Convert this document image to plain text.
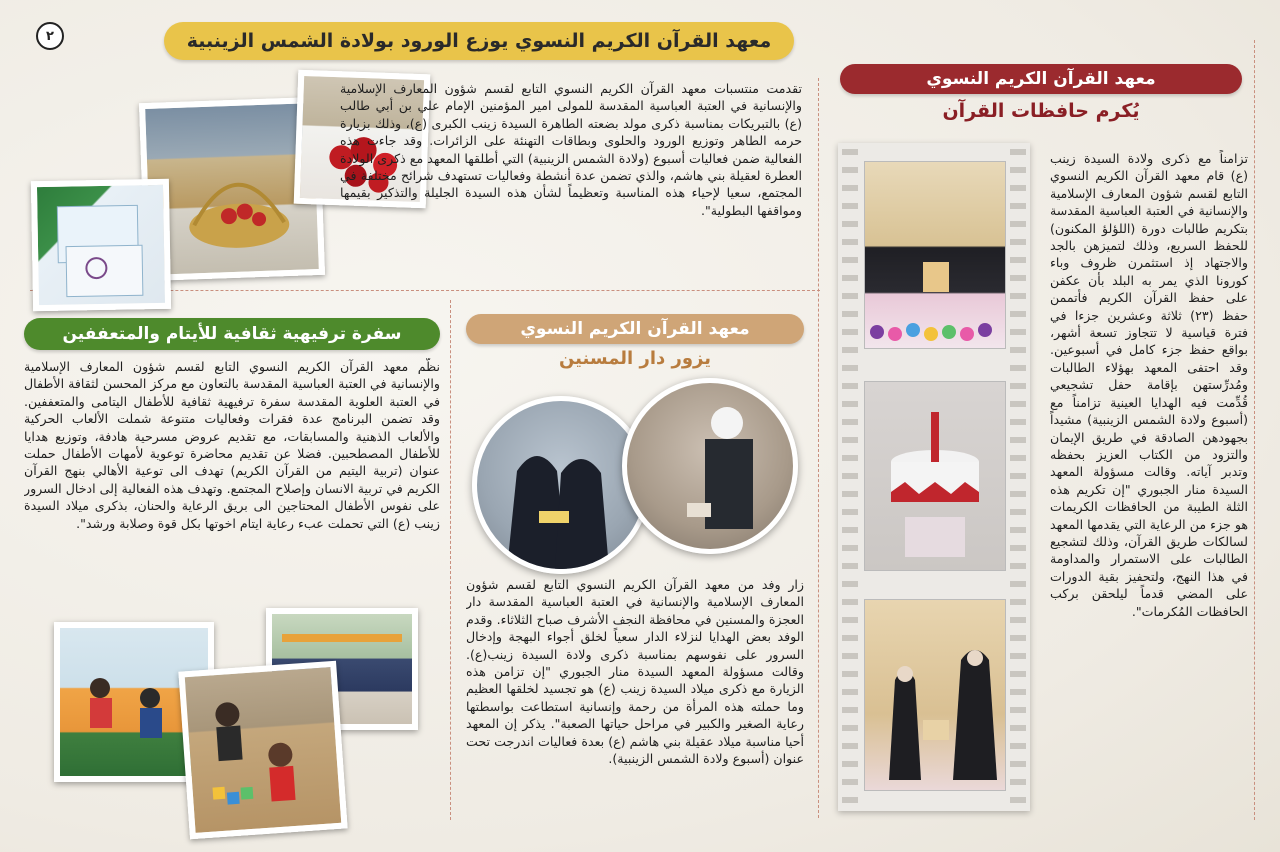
٢	معهد القرآن الكريم النسوي يوزع الورود بولادة الشمس الزينبية
تقدمت منتسبات معهد القرآن الكريم النسوي التابع لقسم شؤون المعارف الإسلامية والإنسانية في العتبة العباسية المقدسة للمولى امير المؤمنين الإمام علي بن أبي طالب (ع) بالتبريكات بمناسبة ذكرى مولد بضعته الطاهرة السيدة زينب الكبرى (ع)، وذلك بزيارة حرمه الطاهر وتوزيع الورود والحلوى وبطاقات التهنئة على الزائرات. وقد جاءت هذه الفعالية ضمن فعاليات أسبوع (ولادة الشمس الزينبية) التي أطلقها المعهد مع ذكرى الولادة العطرة لعقيلة بني هاشم، والذي تضمن عدة أنشطة وفعاليات تستهدف شرائح مختلفة في المجتمع، سعيا لإحياء هذه المناسبة وتعظيماً لشأن هذه السيدة الجليلة والتذكير بقيمها ومواقفها البطولية".
معهد القرآن الكريم النسوي
يُكرم حافظات القرآن
تزامناً مع ذكرى ولادة السيدة زينب (ع) قام معهد القرآن الكريم النسوي التابع لقسم شؤون المعارف الإسلامية والإنسانية في العتبة العباسية المقدسة بتكريم طالبات دورة (اللؤلؤ المكنون) للحفظ السريع، وذلك لتميزهن بالجد والاجتهاد إذ استثمرن ظروف وباء كورونا الذي يمر به البلد بأن عكفن على حفظ القرآن الكريم فأتممن حفظ (٢٣) ثلاثة وعشرين جزءا في فترة قياسية لا تتجاوز تسعة أشهر، بواقع حفظ جزء كامل في أسبوعين. وقد احتفى المعهد بهؤلاء الطالبات ومُدرِّستهن بإقامة حفل تشجيعي قُدِّمت فيه الهدايا العينية تزامناً مع (أسبوع ولادة الشمس الزينبية) مشيداً بجهودهن الصادقة في طريق الإيمان والتزود من الكتاب العزيز بحفظه وتدبر آياته. وقالت مسؤولة المعهد السيدة منار الجبوري "إن تكريم هذه الثلة الطيبة من الحافظات الكريمات هو جزء من الرعاية التي يقدمها المعهد لسالكات طريق القرآن، وذلك لتشجيع الطالبات على الاستمرار والمداومة في هذا النهج، ولتحفيز بقية الدورات على المضي قدماً ليلحقن بركب الحافظات المُكرمات".
معهد القرآن الكريم النسوي
يزور دار المسنين
زار وفد من معهد القرآن الكريم النسوي التابع لقسم شؤون المعارف الإسلامية والإنسانية في العتبة العباسية المقدسة دار العجزة والمسنين في محافظة النجف الأشرف صباح الثلاثاء. وقدم الوفد بعض الهدايا لنزلاء الدار سعياً لخلق أجواء البهجة وإدخال السرور على نفوسهم بمناسبة ذكرى ولادة السيدة زينب(ع). وقالت مسؤولة المعهد السيدة منار الجبوري "إن تزامن هذه الزيارة مع ذكرى ميلاد السيدة زينب (ع) هو تجسيد لخلقها العظيم وما حملته هذه المرأة من رحمة وإنسانية استطاعت بواسطتها رعاية الصغير والكبير في مراحل حياتها الصعبة". يذكر إن المعهد أحيا مناسبة ميلاد عقيلة بني هاشم (ع) بعدة فعاليات اندرجت تحت عنوان (أسبوع ولادة الشمس الزينبية).
سفرة ترفيهية ثقافية للأيتام والمتعففين
نظّم معهد القرآن الكريم النسوي التابع لقسم شؤون المعارف الإسلامية والإنسانية في العتبة العباسية المقدسة بالتعاون مع مركز المحسن لثقافة الأطفال في العتبة العلوية المقدسة سفرة ترفيهية ثقافية للأطفال اليتامى والمتعففين. وقد تضمن البرنامج عدة فقرات وفعاليات متنوعة شملت الألعاب الحركية والألعاب الذهنية والمسابقات، مع تقديم عروض مسرحية هادفة، وتوزيع هدايا للأطفال المصطحبين. فضلا عن تقديم محاضرة توعوية لأمهات الأطفال حملت عنوان (تربية اليتيم من القرآن الكريم) تهدف الى توعية الأهالي بنهج القرآن الكريم في تربية الانسان وإصلاح المجتمع. وتهدف هذه الفعالية إلى ادخال السرور على نفوس الأطفال المحتاجين الى بريق الرعاية والحنان، بذكرى ميلاد السيدة زينب (ع) التي تحملت عبء رعاية ايتام اخوتها بكل قوة وصلابة ورشد".
